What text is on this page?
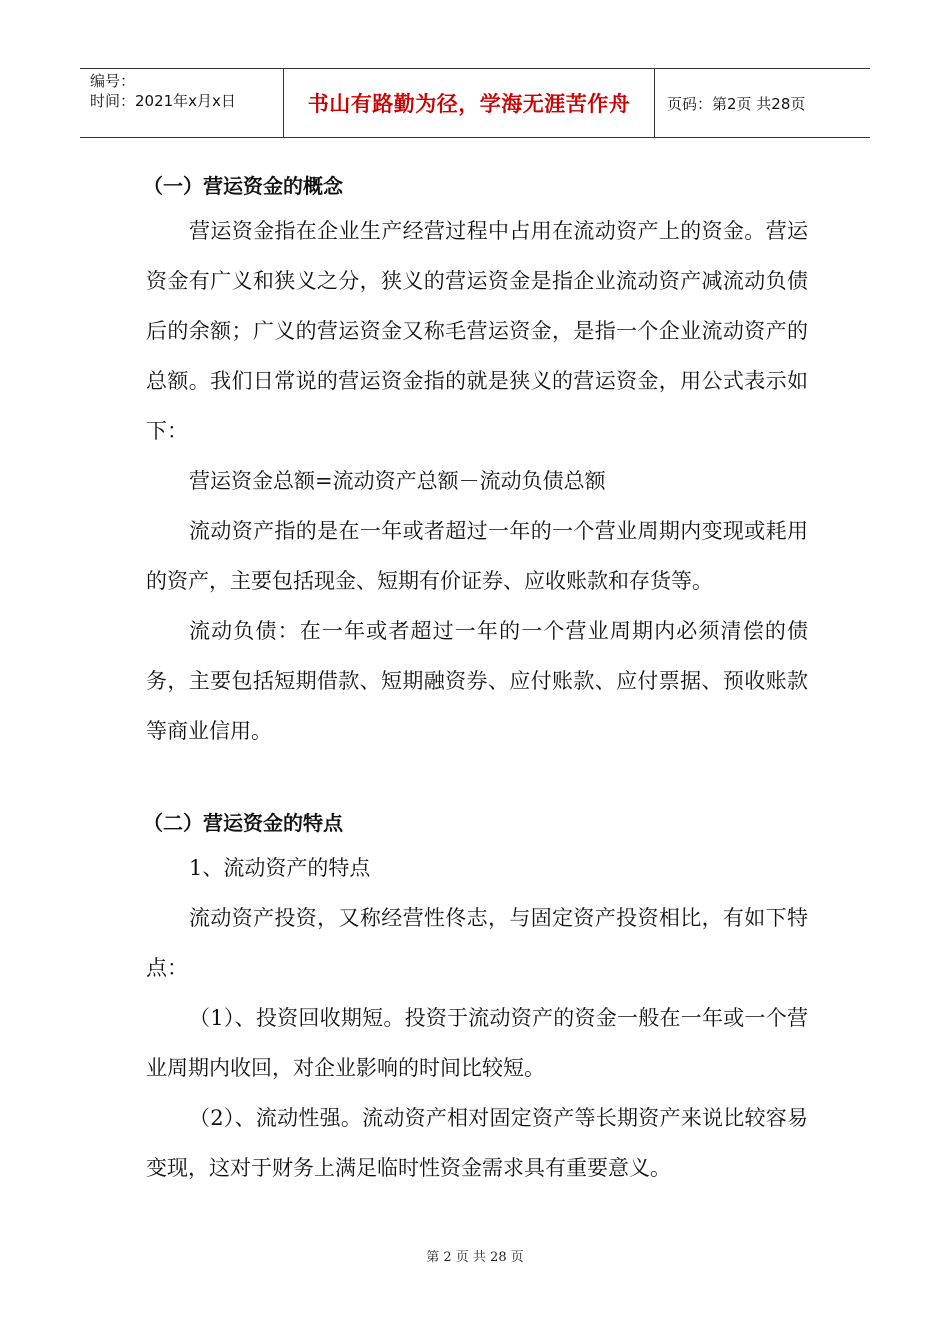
编号：
时间：2021年x月x日	书山有路勤为径，学海无涯苦作舟	页码：第2页 共28页
（一）营运资金的概念

营运资金指在企业生产经营过程中占用在流动资产上的资金。营运资金有广义和狭义之分，狭义的营运资金是指企业流动资产减流动负债后的余额；广义的营运资金又称毛营运资金，是指一个企业流动资产的总额。我们日常说的营运资金指的就是狭义的营运资金，用公式表示如下：

营运资金总额=流动资产总额－流动负债总额

流动资产指的是在一年或者超过一年的一个营业周期内变现或耗用的资产，主要包括现金、短期有价证券、应收账款和存货等。

流动负债：在一年或者超过一年的一个营业周期内必须清偿的债务，主要包括短期借款、短期融资券、应付账款、应付票据、预收账款等商业信用。

（二）营运资金的特点

1、流动资产的特点

流动资产投资，又称经营性佟志，与固定资产投资相比，有如下特点：

（1）、投资回收期短。投资于流动资产的资金一般在一年或一个营业周期内收回，对企业影响的时间比较短。

（2）、流动性强。流动资产相对固定资产等长期资产来说比较容易变现，这对于财务上满足临时性资金需求具有重要意义。

第 2 页 共 28 页
